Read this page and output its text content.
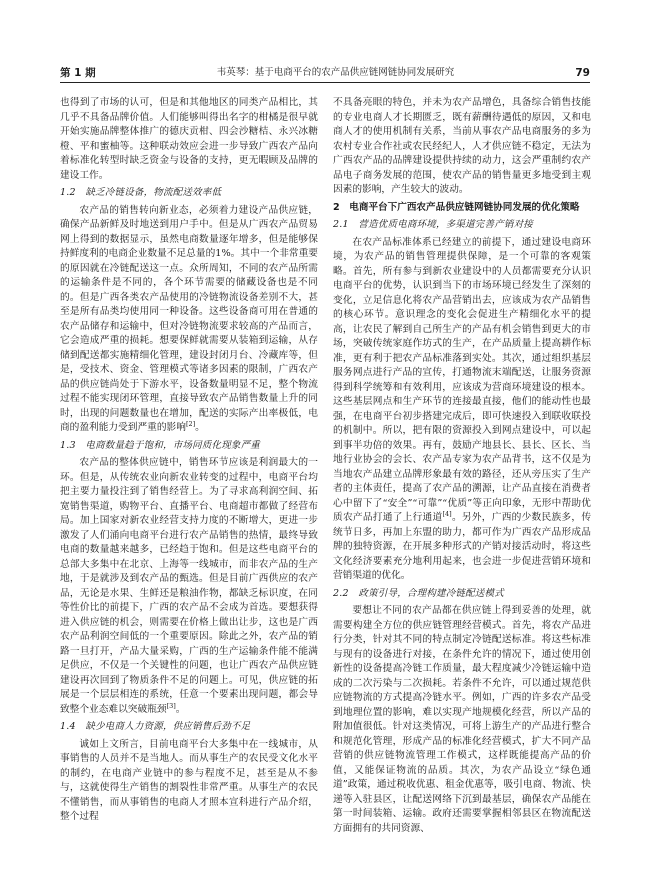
第 1 期	韦英琴：基于电商平台的农产品供应链网链协同发展研究	79

也得到了市场的认可，但是和其他地区的同类产品相比，其几乎不具备品牌价值。人们能够叫得出名字的柑橘是很早就开始实施品牌整体推广的德庆贡柑、四会沙糖桔、永兴冰糖橙、平和蜜柚等。这种联动效应会进一步导致广西农产品向着标准化转型时缺乏资金与设备的支持，更无暇顾及品牌的建设工作。

1.2　缺乏冷链设备，物流配送效率低

农产品的销售转向新业态，必须着力建设产品供应链，确保产品新鲜及时地送到用户手中。但是从广西农产品贸易网上得到的数据显示，虽然电商数量逐年增多，但是能够保持鲜度利的电商企业数量不足总量的1%。其中一个非常重要的原因就在冷链配送这一点。众所周知，不同的农产品所需的运输条件是不同的，各个环节需要的储藏设备也是不同的。但是广西各类农产品使用的冷链物流设备差别不大，甚至是所有品类均使用同一种设备。这些设备商可用在普通的农产品储存和运输中，但对冷链物流要求较高的产品而言，它会造成严重的损耗。想要保鲜就需要从装箱到运输，从存储到配送都实施精细化管理，建设封闭月台、冷藏库等，但是，受技术、资金、管理模式等诸多因素的限制，广西农产品的供应链尚处于下游水平，设备数量明显不足，整个物流过程不能实现闭环管理，直接导致农产品销售数量上升的同时，出现的问题数量也在增加，配送的实际产出率极低，电商的盈利能力受到严重的影响[2]。

1.3　电商数量趋于饱和，市场同质化现象严重

农产品的整体供应链中，销售环节应该是利润最大的一环。但是，从传统农业向新农业转变的过程中，电商平台均把主要力量投注到了销售经营上。为了寻求高利润空间、拓宽销售渠道，购物平台、直播平台、电商超市都做了经营布局。加上国家对新农业经营支持力度的不断增大，更进一步激发了人们涌向电商平台进行农产品销售的热情，最终导致电商的数量越来越多，已经趋于饱和。但是这些电商平台的总部大多集中在北京、上海等一线城市，而非农产品的生产地，于是就涉及到农产品的甄选。但是目前广西供应的农产品，无论是水果、生鲜还是粮油作物，都缺乏标识度，在同等性价比的前提下，广西的农产品不会成为首选。要想获得进入供应链的机会，则需要在价格上做出让步，这也是广西农产品利润空间低的一个重要原因。除此之外，农产品的销路一旦打开，产品大量采购，广西的生产运输条件能不能满足供应，不仅是一个关键性的问题，也让广西农产品供应链建设再次回到了物质条件不足的问题上。可见，供应链的拓展是一个层层相连的系统，任意一个要素出现问题，都会导致整个业态难以突破瓶颈[3]。

1.4　缺少电商人力资源，供应销售后劲不足

诚如上文所言，目前电商平台大多集中在一线城市，从事销售的人员并不是当地人。而从事生产的农民受文化水平的制约，在电商产业链中的参与程度不足，甚至是从不参与，这就使得生产销售的割裂性非常严重。从事生产的农民不懂销售，而从事销售的电商人才照本宣科进行产品介绍，整个过程

不具备亮眼的特色，并未为农产品增色，具备综合销售技能的专业电商人才长期匮乏，既有薪酬待遇低的原因，又和电商人才的使用机制有关系，当前从事农产品电商服务的多为农村专业合作社或农民经纪人，人才供应链不稳定，无法为广西农产品的品牌建设提供持续的动力，这会严重制约农产品电子商务发展的范围，使农产品的销售量更多地受到主观因素的影响，产生较大的波动。

2　电商平台下广西农产品供应链网链协同发展的优化策略
2.1　营造优质电商环境，多渠道完善产销对接

在农产品标准体系已经建立的前提下，通过建设电商环境，为农产品的销售管理提供保障，是一个可靠的客观策略。首先，所有参与到新农业建设中的人员都需要充分认识电商平台的优势，认识到当下的市场环境已经发生了深刻的变化，立足信息化将农产品营销出去，应该成为农产品销售的核心环节。意识理念的变化会促进生产精细化水平的提高，让农民了解到自己所生产的产品有机会销售到更大的市场，突破传统家庭作坊式的生产，在产品质量上提高耕作标准，更有利于把农产品标准落到实处。其次，通过组织基层服务网点进行产品的宣传，打通物流末端配送，让服务资源得到科学统筹和有效利用，应该成为营商环境建设的根本。这些基层网点和生产环节的连接最直接，他们的能动性也最强，在电商平台初步搭建完成后，即可快速投入到联收联投的机制中。所以，把有限的资源投入到网点建设中，可以起到事半功倍的效果。再有，鼓励产地县长、县长、区长、当地行业协会的会长、农产品专家为农产品背书，这不仅是为当地农产品建立品牌形象最有效的路径，还从旁压实了生产者的主体责任，提高了农产品的溯源，让产品直接在消费者心中留下了“安全”“可靠”“优质”等正向印象，无形中帮助优质农产品打通了上行通道[4]。另外，广西的少数民族多，传统节日多，再加上东盟的助力，都可作为广西农产品形成品牌的独特资源，在开展多种形式的产销对接活动时，将这些文化经济要素充分地利用起来，也会进一步促进营销环境和营销渠道的优化。

2.2　政策引导，合理构建冷链配送模式

要想让不同的农产品都在供应链上得到妥善的处理，就需要构建全方位的供应链管理经营模式。首先，将农产品进行分类，针对其不同的特点制定冷链配送标准。将这些标准与现有的设备进行对接，在条件允许的情况下，通过使用创新性的设备提高冷链工作质量，最大程度减少冷链运输中造成的二次污染与二次损耗。若条件不允许，可以通过规范供应链物流的方式提高冷链水平。例如，广西的许多农产品受到地理位置的影响，难以实现产地规模化经营，所以产品的附加值很低。针对这类情况，可将上游生产的产品进行整合和规范化管理，形成产品的标准化经营模式，扩大不同产品营销的供应链物流管理工作模式，这样既能提高产品的价值，又能保证物流的品质。其次，为农产品设立“绿色通道”政策，通过税收优惠、租金优惠等，吸引电商、物流、快递等入驻县区，让配送网络下沉到最基层，确保农产品能在第一时间装箱、运输。政府还需要掌握相邻县区在物流配送方面拥有的共同资源、
